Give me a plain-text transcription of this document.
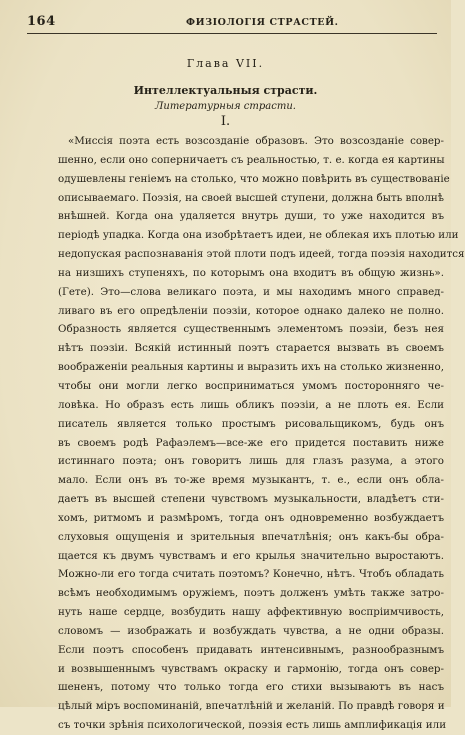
164	ФИЗІОЛОГІЯ СТРАСТЕЙ.
Глава VII.
Интеллектуальныя страсти.
Литературныя страсти.
I.
«Миссія поэта есть возсозданіе образовъ. Это возсозданіе совер-
шенно, если оно соперничаетъ съ реальностью, т. е. когда ея картины
одушевлены геніемъ на столько, что можно повѣрить въ существованіе
описываемаго. Поэзія, на своей высшей ступени, должна быть вполнѣ
внѣшней. Когда она удаляется внутрь души, то уже находится въ
періодѣ упадка. Когда она изобрѣтаетъ идеи, не облекая ихъ плотью или
недопуская распознаванія этой плоти подъ идеей, тогда поэзія находится
на низшихъ ступеняхъ, по которымъ она входитъ въ общую жизнь».
(Гете). Это—слова великаго поэта, и мы находимъ много справед-
ливаго въ его опредѣленіи поэзіи, которое однако далеко не полно.
Образность является существеннымъ элементомъ поэзіи, безъ нея
нѣтъ поэзіи. Всякій истинный поэтъ старается вызвать въ своемъ
воображеніи реальныя картины и выразить ихъ на столько жизненно,
чтобы они могли легко восприниматься умомъ посторонняго че-
ловѣка. Но образъ есть лишь обликъ поэзіи, а не плоть ея. Если
писатель является только простымъ рисовальщикомъ, будь онъ
въ своемъ родѣ Рафаэлемъ—все-же его придется поставить ниже
истиннаго поэта; онъ говоритъ лишь для глазъ разума, а этого
мало. Если онъ въ то-же время музыкантъ, т. е., если онъ обла-
даетъ въ высшей степени чувствомъ музыкальности, владѣетъ сти-
хомъ, ритмомъ и размѣромъ, тогда онъ одновременно возбуждаетъ
слуховыя ощущенія и зрительныя впечатлѣнія; онъ какъ-бы обра-
щается къ двумъ чувствамъ и его крылья значительно выростаютъ.
Можно-ли его тогда считать поэтомъ? Конечно, нѣтъ. Чтобъ обладать
всѣмъ необходимымъ оружіемъ, поэтъ долженъ умѣть также затро-
нуть наше сердце, возбудить нашу аффективную воспріимчивость,
словомъ — изображать и возбуждать чувства, а не одни образы.
Если поэтъ способенъ придавать интенсивнымъ, разнообразнымъ
и возвышеннымъ чувствамъ окраску и гармонію, тогда онъ совер-
шененъ, потому что только тогда его стихи вызываютъ въ насъ
цѣлый міръ воспоминаній, впечатлѣній и желаній. По правдѣ говоря и
съ точки зрѣнія психологической, поэзія есть лишь амплификація или
